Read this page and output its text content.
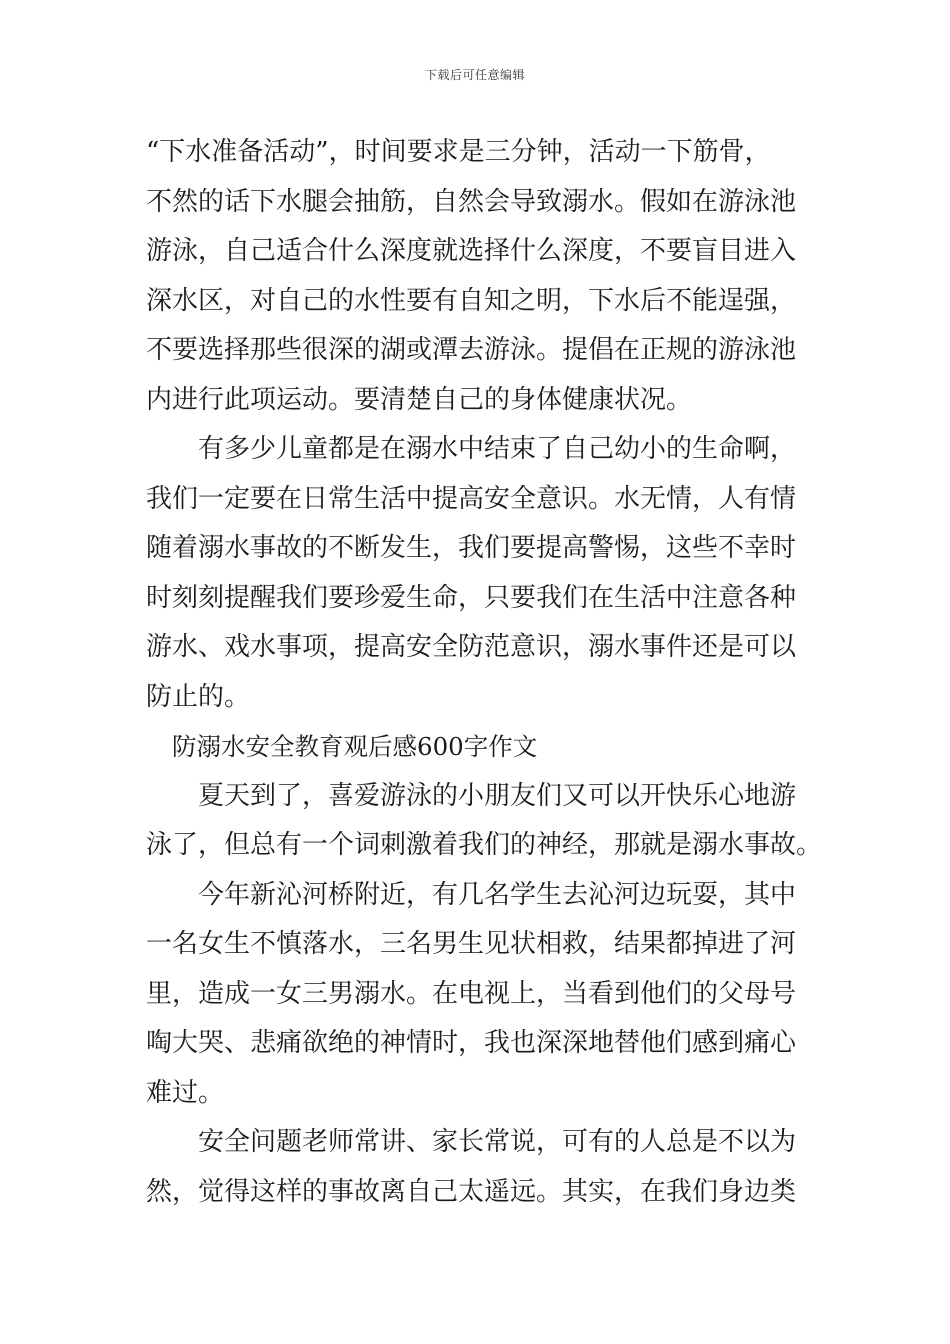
下载后可任意编辑
“下水准备活动”，时间要求是三分钟，活动一下筋骨，
不然的话下水腿会抽筋，自然会导致溺水。假如在游泳池
游泳，自己适合什么深度就选择什么深度，不要盲目进入
深水区，对自己的水性要有自知之明，下水后不能逞强，
不要选择那些很深的湖或潭去游泳。提倡在正规的游泳池
内进行此项运动。要清楚自己的身体健康状况。
有多少儿童都是在溺水中结束了自己幼小的生命啊，
我们一定要在日常生活中提高安全意识。水无情，人有情
随着溺水事故的不断发生，我们要提高警惕，这些不幸时
时刻刻提醒我们要珍爱生命，只要我们在生活中注意各种
游水、戏水事项，提高安全防范意识，溺水事件还是可以
防止的。
防溺水安全教育观后感600字作文
夏天到了，喜爱游泳的小朋友们又可以开快乐心地游
泳了，但总有一个词刺激着我们的神经，那就是溺水事故。
今年新沁河桥附近，有几名学生去沁河边玩耍，其中
一名女生不慎落水，三名男生见状相救，结果都掉进了河
里，造成一女三男溺水。在电视上，当看到他们的父母号
啕大哭、悲痛欲绝的神情时，我也深深地替他们感到痛心
难过。
安全问题老师常讲、家长常说，可有的人总是不以为
然，觉得这样的事故离自己太遥远。其实，在我们身边类
